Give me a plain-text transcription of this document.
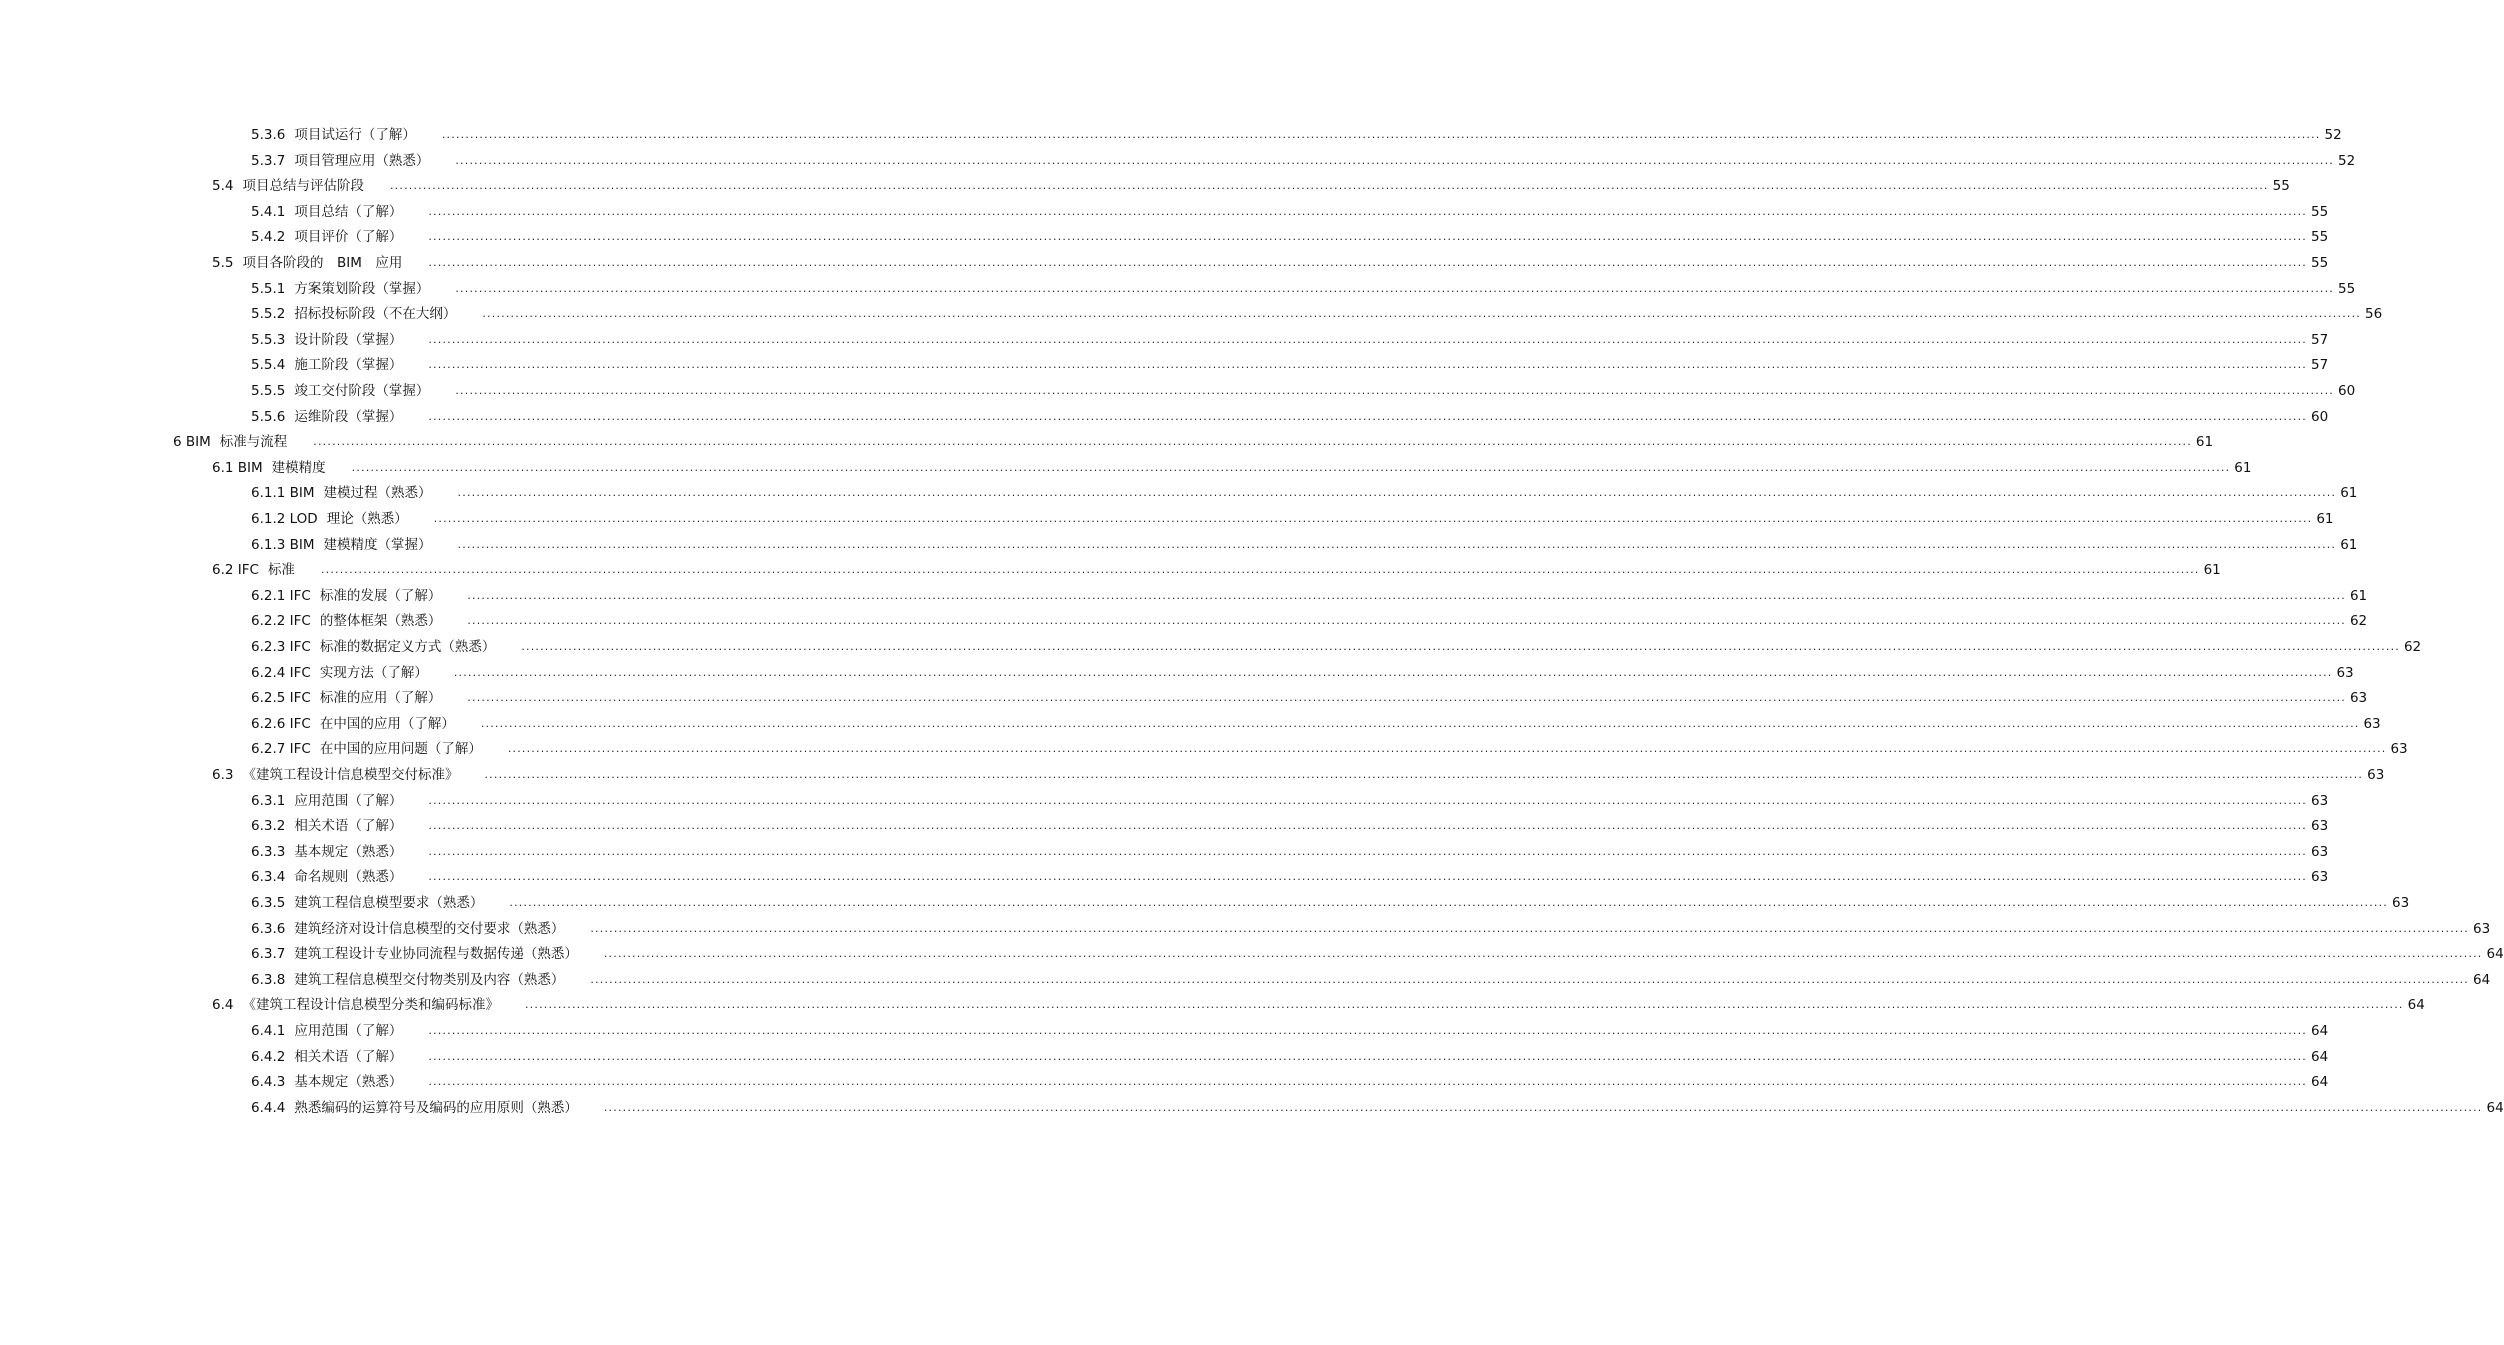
5.3.6 项目试运行（了解） ................................................................................................................................................................................................................................................................................................................................................................................................................ 52
5.3.7 项目管理应用（熟悉） ................................................................................................................................................................................................................................................................................................................................................................................................................ 52
5.4 项目总结与评估阶段 ................................................................................................................................................................................................................................................................................................................................................................................................................ 55
5.4.1 项目总结（了解） ................................................................................................................................................................................................................................................................................................................................................................................................................ 55
5.4.2 项目评价（了解） ................................................................................................................................................................................................................................................................................................................................................................................................................ 55
5.5 项目各阶段的　BIM　应用 ................................................................................................................................................................................................................................................................................................................................................................................................................ 55
5.5.1 方案策划阶段（掌握） ................................................................................................................................................................................................................................................................................................................................................................................................................ 55
5.5.2 招标投标阶段（不在大纲） ................................................................................................................................................................................................................................................................................................................................................................................................................ 56
5.5.3 设计阶段（掌握） ................................................................................................................................................................................................................................................................................................................................................................................................................ 57
5.5.4 施工阶段（掌握） ................................................................................................................................................................................................................................................................................................................................................................................................................ 57
5.5.5 竣工交付阶段（掌握） ................................................................................................................................................................................................................................................................................................................................................................................................................ 60
5.5.6 运维阶段（掌握） ................................................................................................................................................................................................................................................................................................................................................................................................................ 60
6 BIM 标准与流程 ................................................................................................................................................................................................................................................................................................................................................................................................................ 61
6.1 BIM 建模精度 ................................................................................................................................................................................................................................................................................................................................................................................................................ 61
6.1.1 BIM 建模过程（熟悉） ................................................................................................................................................................................................................................................................................................................................................................................................................ 61
6.1.2 LOD 理论（熟悉） ................................................................................................................................................................................................................................................................................................................................................................................................................ 61
6.1.3 BIM 建模精度（掌握） ................................................................................................................................................................................................................................................................................................................................................................................................................ 61
6.2 IFC 标准 ................................................................................................................................................................................................................................................................................................................................................................................................................ 61
6.2.1 IFC 标准的发展（了解） ................................................................................................................................................................................................................................................................................................................................................................................................................ 61
6.2.2 IFC 的整体框架（熟悉） ................................................................................................................................................................................................................................................................................................................................................................................................................ 62
6.2.3 IFC 标准的数据定义方式（熟悉） ................................................................................................................................................................................................................................................................................................................................................................................................................ 62
6.2.4 IFC 实现方法（了解） ................................................................................................................................................................................................................................................................................................................................................................................................................ 63
6.2.5 IFC 标准的应用（了解） ................................................................................................................................................................................................................................................................................................................................................................................................................ 63
6.2.6 IFC 在中国的应用（了解） ................................................................................................................................................................................................................................................................................................................................................................................................................ 63
6.2.7 IFC 在中国的应用问题（了解） ................................................................................................................................................................................................................................................................................................................................................................................................................ 63
6.3 《建筑工程设计信息模型交付标准》 ................................................................................................................................................................................................................................................................................................................................................................................................................ 63
6.3.1 应用范围（了解） ................................................................................................................................................................................................................................................................................................................................................................................................................ 63
6.3.2 相关术语（了解） ................................................................................................................................................................................................................................................................................................................................................................................................................ 63
6.3.3 基本规定（熟悉） ................................................................................................................................................................................................................................................................................................................................................................................................................ 63
6.3.4 命名规则（熟悉） ................................................................................................................................................................................................................................................................................................................................................................................................................ 63
6.3.5 建筑工程信息模型要求（熟悉） ................................................................................................................................................................................................................................................................................................................................................................................................................ 63
6.3.6 建筑经济对设计信息模型的交付要求（熟悉） ................................................................................................................................................................................................................................................................................................................................................................................................................ 63
6.3.7 建筑工程设计专业协同流程与数据传递（熟悉） ................................................................................................................................................................................................................................................................................................................................................................................................................ 64
6.3.8 建筑工程信息模型交付物类别及内容（熟悉） ................................................................................................................................................................................................................................................................................................................................................................................................................ 64
6.4 《建筑工程设计信息模型分类和编码标准》 ................................................................................................................................................................................................................................................................................................................................................................................................................ 64
6.4.1 应用范围（了解） ................................................................................................................................................................................................................................................................................................................................................................................................................ 64
6.4.2 相关术语（了解） ................................................................................................................................................................................................................................................................................................................................................................................................................ 64
6.4.3 基本规定（熟悉） ................................................................................................................................................................................................................................................................................................................................................................................................................ 64
6.4.4 熟悉编码的运算符号及编码的应用原则（熟悉） ................................................................................................................................................................................................................................................................................................................................................................................................................ 64
